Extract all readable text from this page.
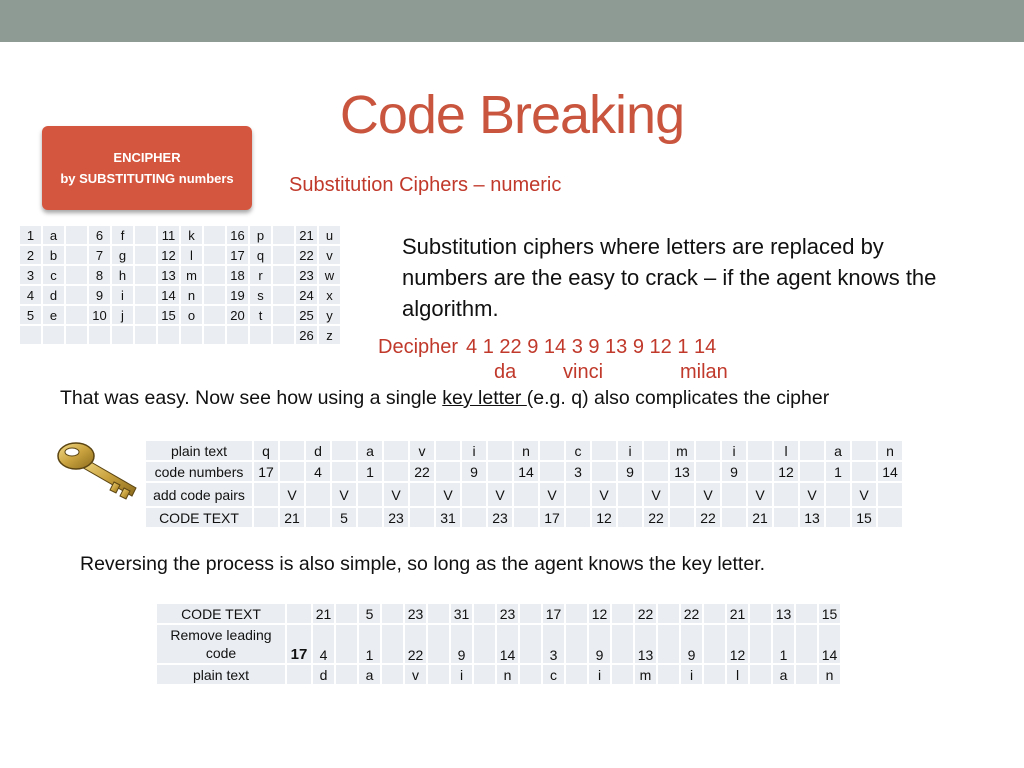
Code Breaking
ENCIPHER
by SUBSTITUTING numbers	Substitution Ciphers – numeric
1	a		6	f		11	k		16	p		21	u
2	b		7	g		12	l		17	q		22	v
3	c		8	h		13	m		18	r		23	w
4	d		9	i		14	n		19	s		24	x
5	e		10	j		15	o		20	t		25	y
												26	z
Substitution ciphers where letters are replaced by numbers are the easy to crack – if the agent knows the algorithm.
Decipher 4 1 22 9 14 3 9 13 9 12 1 14
da vinci	milan
That was easy. Now see how using a single key letter (e.g. q) also complicates the cipher
plain text	q		d		a		v		i		n		c		i		m		i		l		a		n
code numbers	17		4		1		22		9		14		3		9		13		9		12		1		14
add code pairs		V		V		V		V		V		V		V		V		V		V		V		V	
CODE TEXT		21		5		23		31		23		17		12		22		22		21		13		15	
Reversing the process is also simple, so long as the agent knows the key letter.
CODE TEXT		21		5		23		31		23		17		12		22		22		21		13		15
Remove leading code	17	4		1		22		9		14		3		9		13		9		12		1		14
plain text		d		a		v		i		n		c		i		m		i		l		a		n
